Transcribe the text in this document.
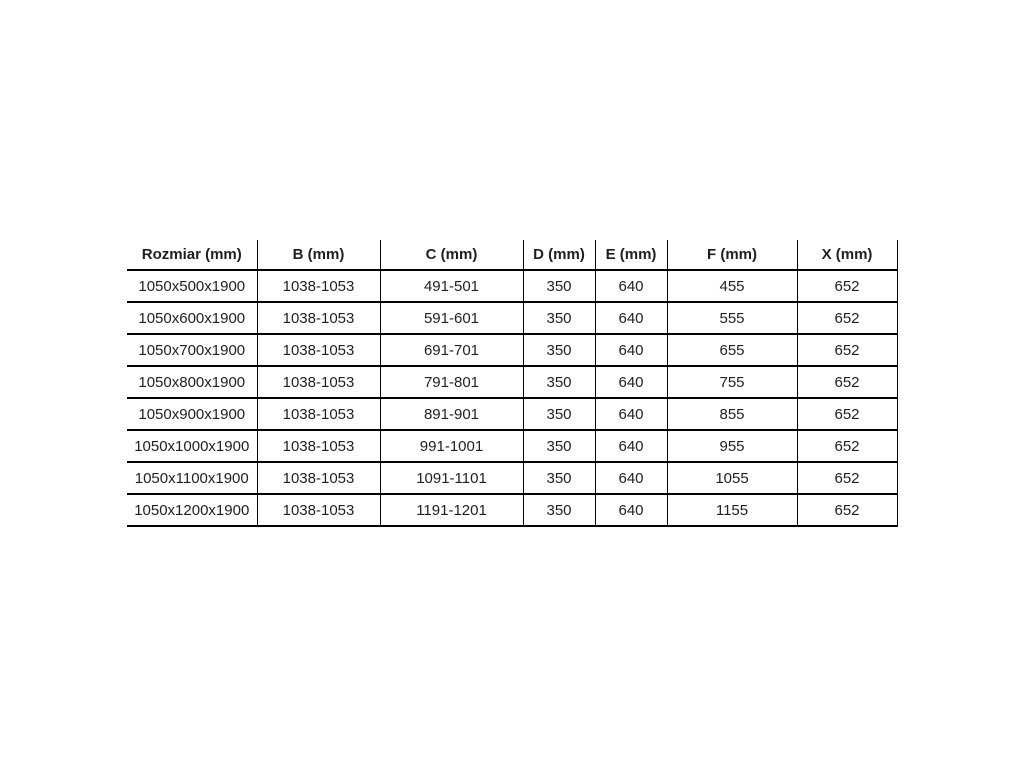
Rozmiar (mm)	B (mm)	C (mm)	D (mm)	E (mm)	F (mm)	X (mm)
1050x500x1900	1038-1053	491-501	350	640	455	652
1050x600x1900	1038-1053	591-601	350	640	555	652
1050x700x1900	1038-1053	691-701	350	640	655	652
1050x800x1900	1038-1053	791-801	350	640	755	652
1050x900x1900	1038-1053	891-901	350	640	855	652
1050x1000x1900	1038-1053	991-1001	350	640	955	652
1050x1100x1900	1038-1053	1091-1101	350	640	1055	652
1050x1200x1900	1038-1053	1191-1201	350	640	1155	652
